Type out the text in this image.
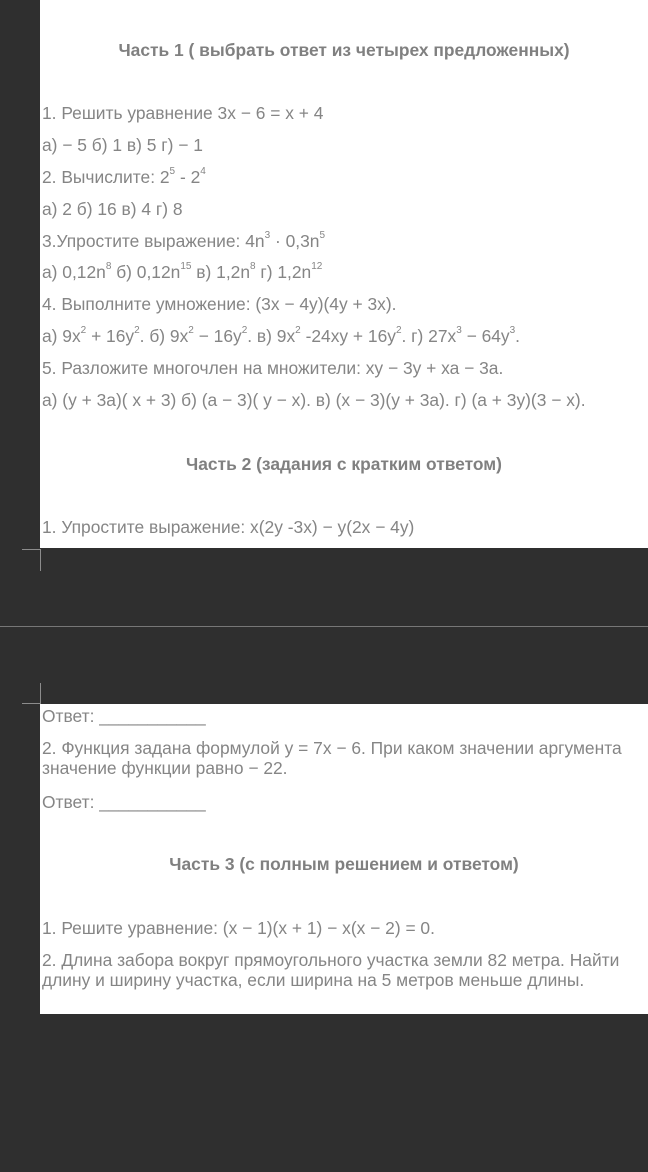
Часть 1 ( выбрать ответ из четырех предложенных)
1. Решить уравнение 3х − 6 = х + 4
а) − 5 б) 1 в) 5 г) − 1
2. Вычислите: $2^5 - 2^4$
а) 2 б) 16 в) 4 г) 8
3.Упростите выражение: $4n^3 \cdot 0,3n^5$
а) $0,12n^8$ б) $0,12n^{15}$ в) $1,2n^8$ г) $1,2n^{12}$
4. Выполните умножение: (3х − 4у)(4у + 3х).
а) $9х^2 + 16у^2$. б) $9х^2 - 16у^2$. в) $9х^2$ $-24ху + 16у^2$. г) $27х^3 - 64у^3$.
5. Разложите многочлен на множители: ху − 3у + ха − 3а.
а) (у + 3а)( х + 3) б) (а − 3)( у − х). в) (х − 3)(у + 3а). г) (а + 3у)(3 − х).
Часть 2 (задания с кратким ответом)
1. Упростите выражение: х(2у -3х) − у(2х − 4у)
Ответ: ___________
2. Функция задана формулой у = 7х − 6. При каком значении аргумента значение функции равно − 22.
Ответ: ___________
Часть 3 (с полным решением и ответом)
1. Решите уравнение: (х − 1)(х + 1) − х(х − 2) = 0.
2. Длина забора вокруг прямоугольного участка земли 82 метра. Найти длину и ширину участка, если ширина на 5 метров меньше длины.
